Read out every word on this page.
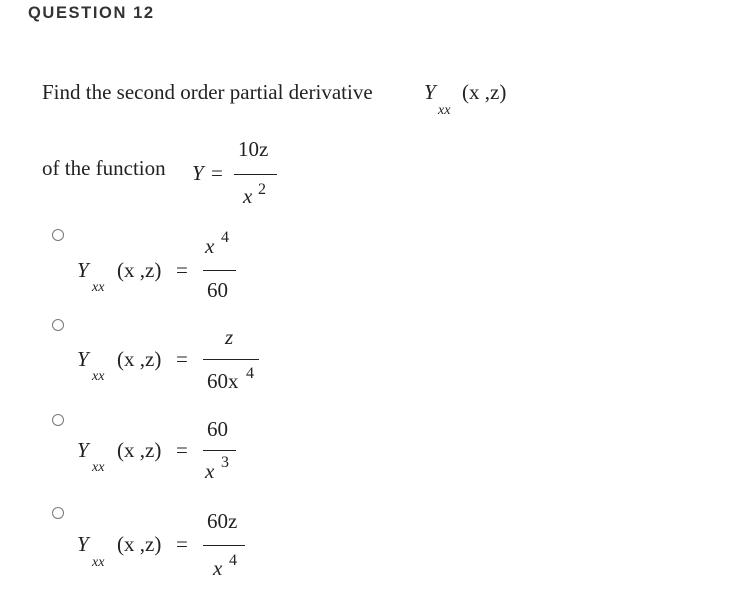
QUESTION 12
Find the second order partial derivative Y (x ,z)
xx
of the function Y =
10z
x 2
Y (x ,z)
xx
=
x 4
60
Y (x ,z)
xx
=
z
60x 4
Y (x ,z)
xx
=
60
x 3
Y (x ,z)
xx
=
60z
x 4
